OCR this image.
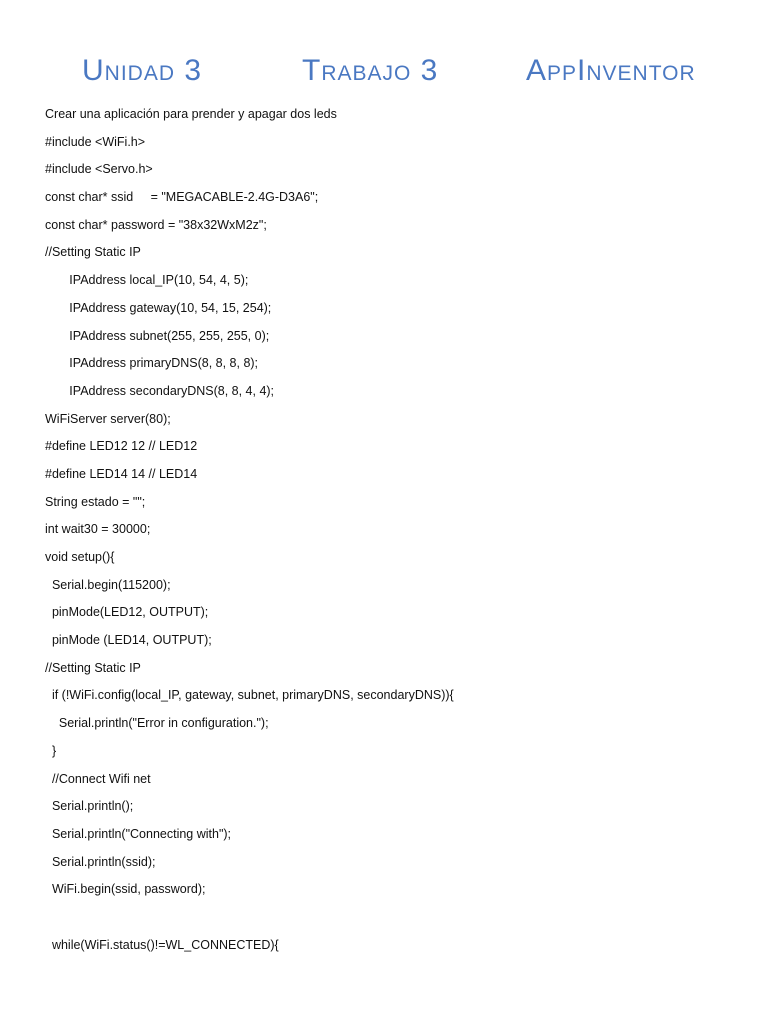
Unidad 3	Trabajo 3	AppInventor
Crear una aplicación para prender y apagar dos leds
#include <WiFi.h>
#include <Servo.h>
const char* ssid     = "MEGACABLE-2.4G-D3A6";
const char* password = "38x32WxM2z";
//Setting Static IP
IPAddress local_IP(10, 54, 4, 5);
IPAddress gateway(10, 54, 15, 254);
IPAddress subnet(255, 255, 255, 0);
IPAddress primaryDNS(8, 8, 8, 8);
IPAddress secondaryDNS(8, 8, 4, 4);
WiFiServer server(80);
#define LED12 12 // LED12
#define LED14 14 // LED14
String estado = "";
int wait30 = 30000;
void setup(){
Serial.begin(115200);
pinMode(LED12, OUTPUT);
pinMode (LED14, OUTPUT);
//Setting Static IP
if (!WiFi.config(local_IP, gateway, subnet, primaryDNS, secondaryDNS)){
Serial.println("Error in configuration.");
}
//Connect Wifi net
Serial.println();
Serial.println("Connecting with");
Serial.println(ssid);
WiFi.begin(ssid, password);
while(WiFi.status()!=WL_CONNECTED){
